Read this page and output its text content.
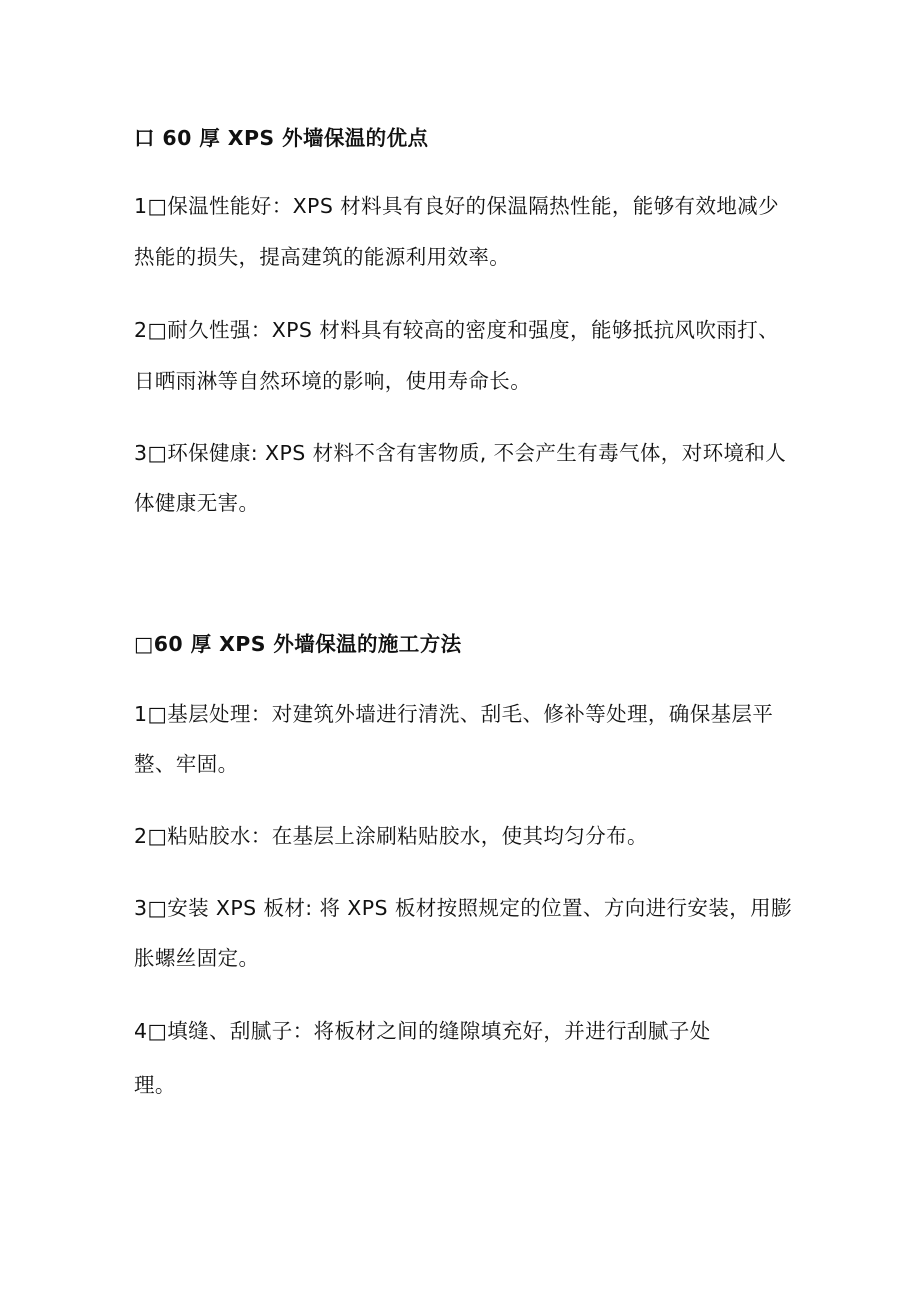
口 60 厚 XPS 外墙保温的优点
1□保温性能好：XPS 材料具有良好的保温隔热性能，能够有效地减少
热能的损失，提高建筑的能源利用效率。
2□耐久性强：XPS 材料具有较高的密度和强度，能够抵抗风吹雨打、
日晒雨淋等自然环境的影响，使用寿命长。
3□环保健康: XPS 材料不含有害物质, 不会产生有毒气体，对环境和人
体健康无害。
□60 厚 XPS 外墙保温的施工方法
1□基层处理：对建筑外墙进行清洗、刮毛、修补等处理，确保基层平
整、牢固。
2□粘贴胶水：在基层上涂刷粘贴胶水，使其均匀分布。
3□安装 XPS 板材: 将 XPS 板材按照规定的位置、方向进行安装，用膨
胀螺丝固定。
4□填缝、刮腻子：将板材之间的缝隙填充好，并进行刮腻子处
理。
